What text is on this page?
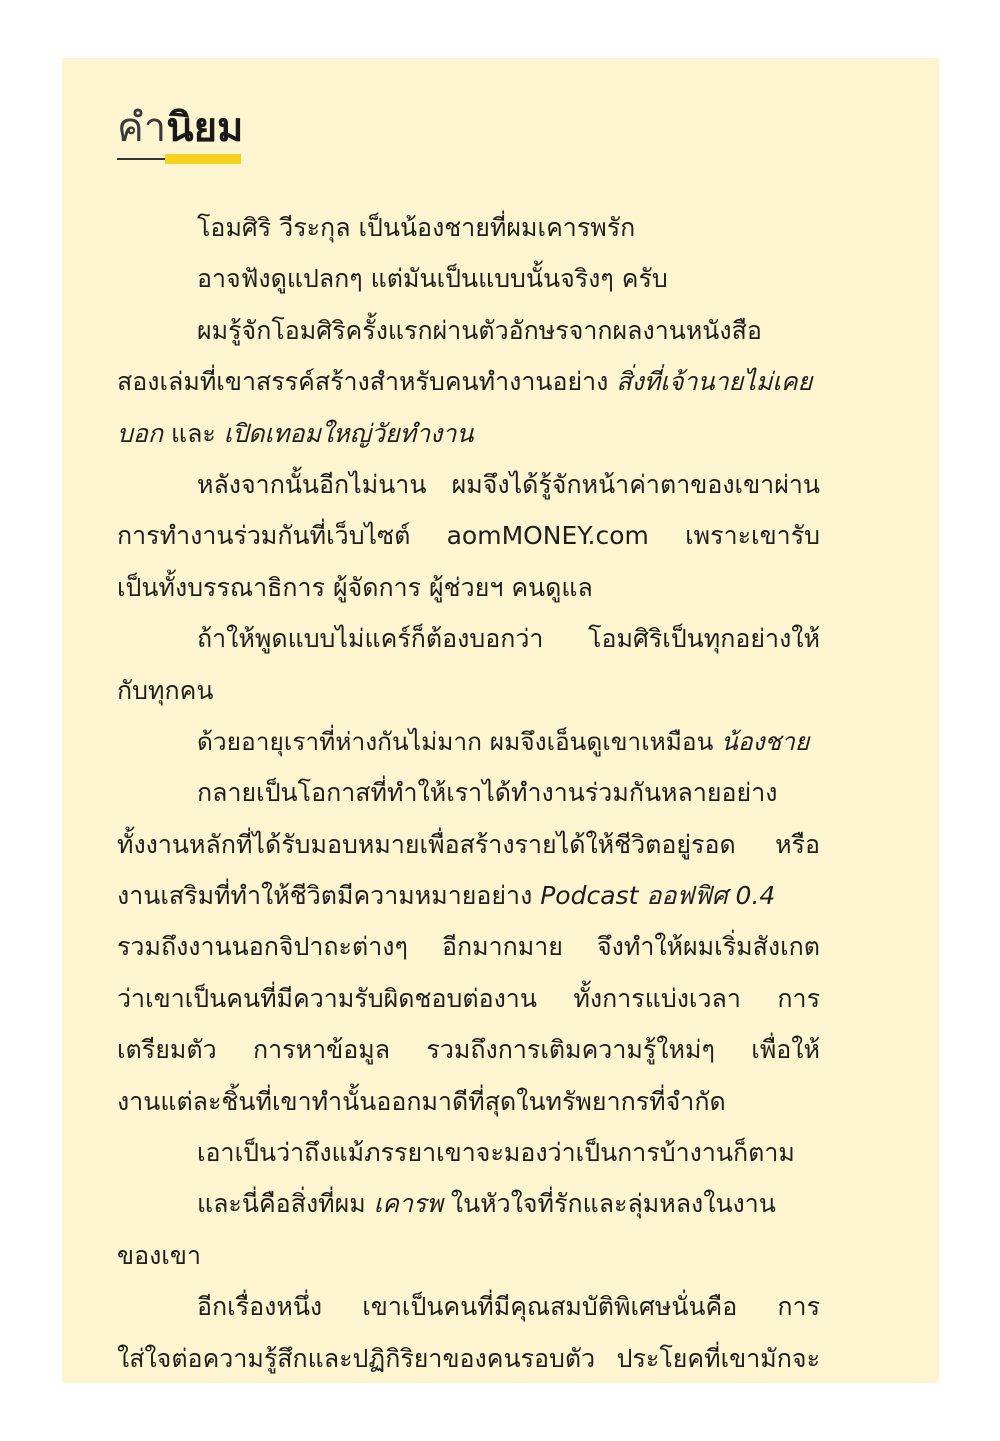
คำนิยม
โอมศิริ วีระกุล เป็นน้องชายที่ผมเคารพรัก
อาจฟังดูแปลกๆ แต่มันเป็นแบบนั้นจริงๆ ครับ
ผมรู้จักโอมศิริครั้งแรกผ่านตัวอักษรจากผลงานหนังสือ
สองเล่มที่เขาสรรค์สร้างสำหรับคนทำงานอย่าง สิ่งที่เจ้านายไม่เคย
บอก และ เปิดเทอมใหญ่วัยทำงาน
หลังจากนั้นอีกไม่นาน ผมจึงได้รู้จักหน้าค่าตาของเขาผ่าน
การทำงานร่วมกันที่เว็บไซต์ aomMONEY.com เพราะเขารับ
เป็นทั้งบรรณาธิการ ผู้จัดการ ผู้ช่วยฯ คนดูแล
ถ้าให้พูดแบบไม่แคร์ก็ต้องบอกว่า โอมศิริเป็นทุกอย่างให้
กับทุกคน
ด้วยอายุเราที่ห่างกันไม่มาก ผมจึงเอ็นดูเขาเหมือน น้องชาย
กลายเป็นโอกาสที่ทำให้เราได้ทำงานร่วมกันหลายอย่าง
ทั้งงานหลักที่ได้รับมอบหมายเพื่อสร้างรายได้ให้ชีวิตอยู่รอด หรือ
งานเสริมที่ทำให้ชีวิตมีความหมายอย่าง Podcast ออฟฟิศ 0.4
รวมถึงงานนอกจิปาถะต่างๆ อีกมากมาย จึงทำให้ผมเริ่มสังเกต
ว่าเขาเป็นคนที่มีความรับผิดชอบต่องาน ทั้งการแบ่งเวลา การ
เตรียมตัว การหาข้อมูล รวมถึงการเติมความรู้ใหม่ๆ เพื่อให้
งานแต่ละชิ้นที่เขาทำนั้นออกมาดีที่สุดในทรัพยากรที่จำกัด
เอาเป็นว่าถึงแม้ภรรยาเขาจะมองว่าเป็นการบ้างานก็ตาม
และนี่คือสิ่งที่ผม เคารพ ในหัวใจที่รักและลุ่มหลงในงาน
ของเขา
อีกเรื่องหนึ่ง เขาเป็นคนที่มีคุณสมบัติพิเศษนั่นคือ การ
ใส่ใจต่อความรู้สึกและปฏิกิริยาของคนรอบตัว ประโยคที่เขามักจะ
